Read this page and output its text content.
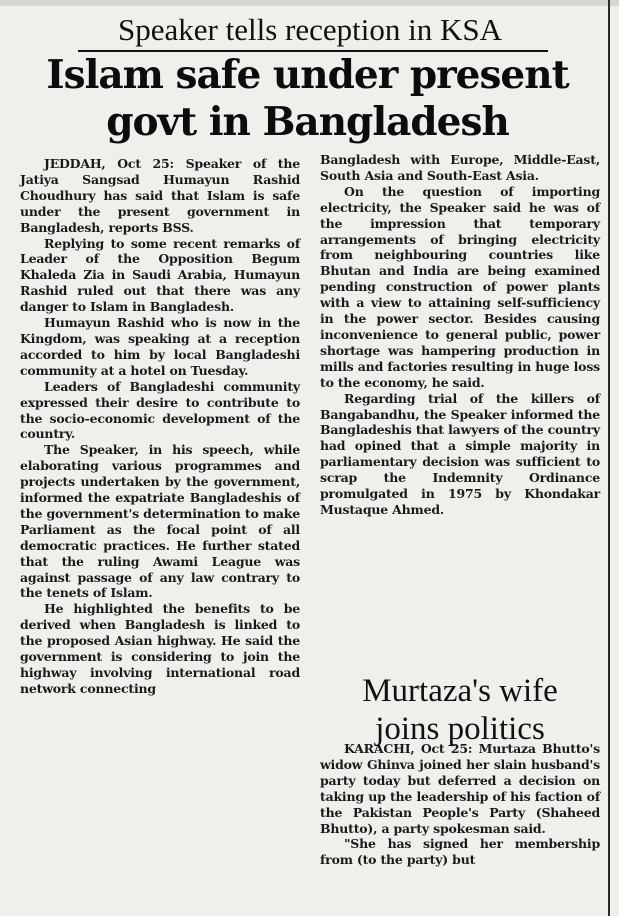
Speaker tells reception in KSA
Islam safe under present
govt in Bangladesh

JEDDAH, Oct 25: Speaker of the Jatiya Sangsad Humayun Rashid Choudhury has said that Islam is safe under the present government in Bangladesh, reports BSS.

Replying to some recent remarks of Leader of the Opposition Begum Khaleda Zia in Saudi Arabia, Humayun Rashid ruled out that there was any danger to Islam in Bangladesh.

Humayun Rashid who is now in the Kingdom, was speaking at a reception accorded to him by local Bangladeshi community at a hotel on Tuesday.

Leaders of Bangladeshi community expressed their desire to contribute to the socio-economic development of the country.

The Speaker, in his speech, while elaborating various programmes and projects undertaken by the government, informed the expatriate Bangladeshis of the government's determination to make Parliament as the focal point of all democratic practices. He further stated that the ruling Awami League was against passage of any law contrary to the tenets of Islam.

He highlighted the benefits to be derived when Bangladesh is linked to the proposed Asian highway. He said the government is considering to join the highway involving international road network connecting

Bangladesh with Europe, Middle-East, South Asia and South-East Asia.

On the question of importing electricity, the Speaker said he was of the impression that temporary arrangements of bringing electricity from neighbouring countries like Bhutan and India are being examined pending construction of power plants with a view to attaining self-sufficiency in the power sector. Besides causing inconvenience to general public, power shortage was hampering production in mills and factories resulting in huge loss to the economy, he said.

Regarding trial of the killers of Bangabandhu, the Speaker informed the Bangladeshis that lawyers of the country had opined that a simple majority in parliamentary decision was sufficient to scrap the Indemnity Ordinance promulgated in 1975 by Khondakar Mustaque Ahmed.

Murtaza's wife
joins politics

KARACHI, Oct 25: Murtaza Bhutto's widow Ghinva joined her slain husband's party today but deferred a decision on taking up the leadership of his faction of the Pakistan People's Party (Shaheed Bhutto), a party spokesman said.

"She has signed her membership from (to the party) but
